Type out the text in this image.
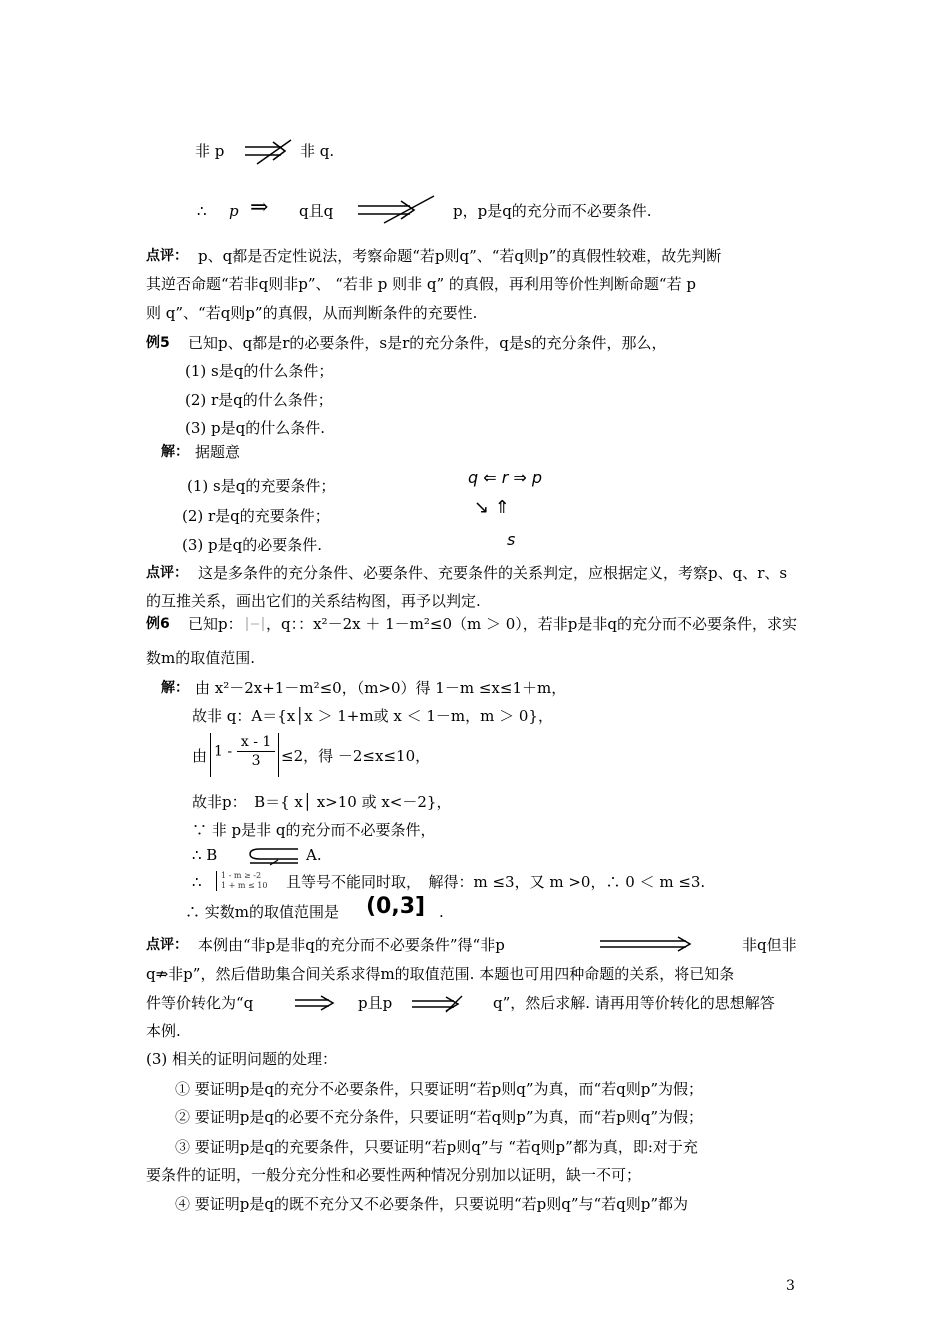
非 p	非 q.
∴ p ⇒ q且q	p，p是q的充分而不必要条件.
点评： p、q都是否定性说法，考察命题“若p则q”、“若q则p”的真假性较难，故先判断
其逆否命题“若非q则非p”、 “若非 p 则非 q” 的真假，再利用等价性判断命题“若 p
则 q”、“若q则p”的真假，从而判断条件的充要性.
例5 已知p、q都是r的必要条件，s是r的充分条件，q是s的充分条件，那么，
(1) s是q的什么条件；
(2) r是q的什么条件；
(3) p是q的什么条件.
解： 据题意
(1) s是q的充要条件；
(2) r是q的充要条件；
(3) p是q的必要条件.
q ⇐ r ⇒ p
↘ ⇑
s
点评： 这是多条件的充分条件、必要条件、充要条件的关系判定，应根据定义，考察p、q、r、s
的互推关系，画出它们的关系结构图，再予以判定.
例6 已知p： ，q：：x²－2x ＋ 1－m²≤0（m ＞ 0），若非p是非q的充分而不必要条件，求实
数m的取值范围.
解： 由 x²－2x+1－m²≤0，（m>0）得 1－m ≤x≤1＋m，
故非 q：A＝{x│x ＞ 1+m或 x ＜ 1－m，m ＞ 0}，
由 $1 - \frac{x - 1}{3} \le 2$，得 －2≤x≤10，
故非p：　B＝{ x│ x>10 或 x<－2}，
∵ 非 p是非 q的充分而不必要条件，
∴ B	A.
∴ 1 - m ≥ -2
1 + m ≤ 10 且等号不能同时取，　解得：m ≤3，又 m >0，∴ 0 ＜ m ≤3.
∴ 实数m的取值范围是 (0,3] .
点评： 本例由“非p是非q的充分而不必要条件”得“非p	非q但非
q⇏非p”，然后借助集合间关系求得m的取值范围. 本题也可用四种命题的关系，将已知条
件等价转化为“q	p且p	q”，然后求解. 请再用等价转化的思想解答
本例.
(3) 相关的证明问题的处理：
① 要证明p是q的充分不必要条件，只要证明“若p则q”为真，而“若q则p”为假；
② 要证明p是q的必要不充分条件，只要证明“若q则p”为真，而“若p则q”为假；
③ 要证明p是q的充要条件，只要证明“若p则q”与 “若q则p”都为真，即:对于充
要条件的证明，一般分充分性和必要性两种情况分别加以证明，缺一不可；
④ 要证明p是q的既不充分又不必要条件，只要说明“若p则q”与“若q则p”都为
3
